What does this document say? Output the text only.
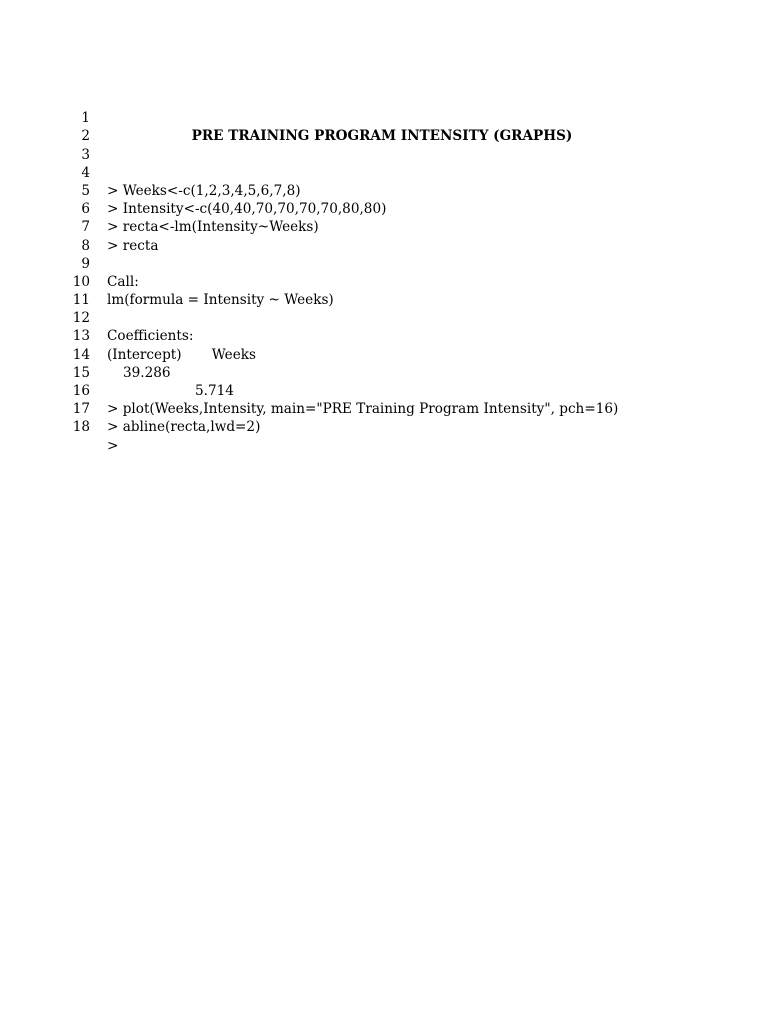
1

PRE TRAINING PROGRAM INTENSITY (GRAPHS)

2

3

4

> Weeks<-c(1,2,3,4,5,6,7,8)

5

> Intensity<-c(40,40,70,70,70,70,80,80)

6

> recta<-lm(Intensity~Weeks)

7

> recta

8

9

Call:

10

lm(formula = Intensity ~ Weeks)

11

12

Coefficients:

13

(Intercept)       Weeks

14

39.286

5.714

15

16

> plot(Weeks,Intensity, main="PRE Training Program Intensity", pch=16)

17

> abline(recta,lwd=2)

18

>
